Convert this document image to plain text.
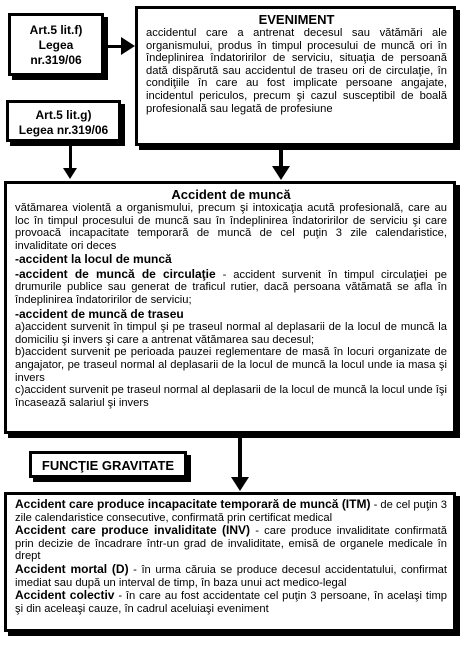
Art.5 lit.f)
Legea
nr.319/06
EVENIMENT

accidentul care a antrenat decesul sau vătămări ale organismului, produs în timpul procesului de muncă ori în îndeplinirea îndatoririlor de serviciu, situaţia de persoană dată dispărută sau accidentul de traseu ori de circulaţie, în condiţiile în care au fost implicate persoane angajate, incidentul periculos, precum şi cazul susceptibil de boală profesională sau legată de profesiune

Art.5 lit.g)
Legea nr.319/06
Accident de muncă

vătămarea violentă a organismului, precum şi intoxicaţia acută profesională, care au loc în timpul procesului de muncă sau în îndeplinirea îndatoririlor de serviciu şi care provoacă incapacitate temporară de muncă de cel puţin 3 zile calendaristice, invaliditate ori deces

-accident la locul de muncă

-accident de muncă de circulaţie - accident survenit în timpul circulaţiei pe drumurile publice sau generat de traficul rutier, dacă persoana vătămată se afla în îndeplinirea îndatoririlor de serviciu;

-accident de muncă de traseu

a)accident survenit în timpul şi pe traseul normal al deplasarii de la locul de muncă la domiciliu şi invers şi care a antrenat vătămarea sau decesul;

b)accident survenit pe perioada pauzei reglementare de masă în locuri organizate de angajator, pe traseul normal al deplasarii de la locul de muncă la locul unde ia masa şi invers

c)accident survenit pe traseul normal al deplasarii de la locul de muncă la locul unde îşi încasează salariul şi invers

FUNCŢIE GRAVITATE

Accident care produce incapacitate temporară de muncă (ITM) - de cel puţin 3 zile calendaristice consecutive, confirmată prin certificat medical

Accident care produce invaliditate (INV) - care produce invaliditate confirmată prin decizie de încadrare într-un grad de invaliditate, emisă de organele medicale în drept

Accident mortal (D) - în urma căruia se produce decesul accidentatului, confirmat imediat sau după un interval de timp, în baza unui act medico-legal

Accident colectiv - în care au fost accidentate cel puţin 3 persoane, în acelaşi timp şi din aceleaşi cauze, în cadrul aceluiaşi eveniment
